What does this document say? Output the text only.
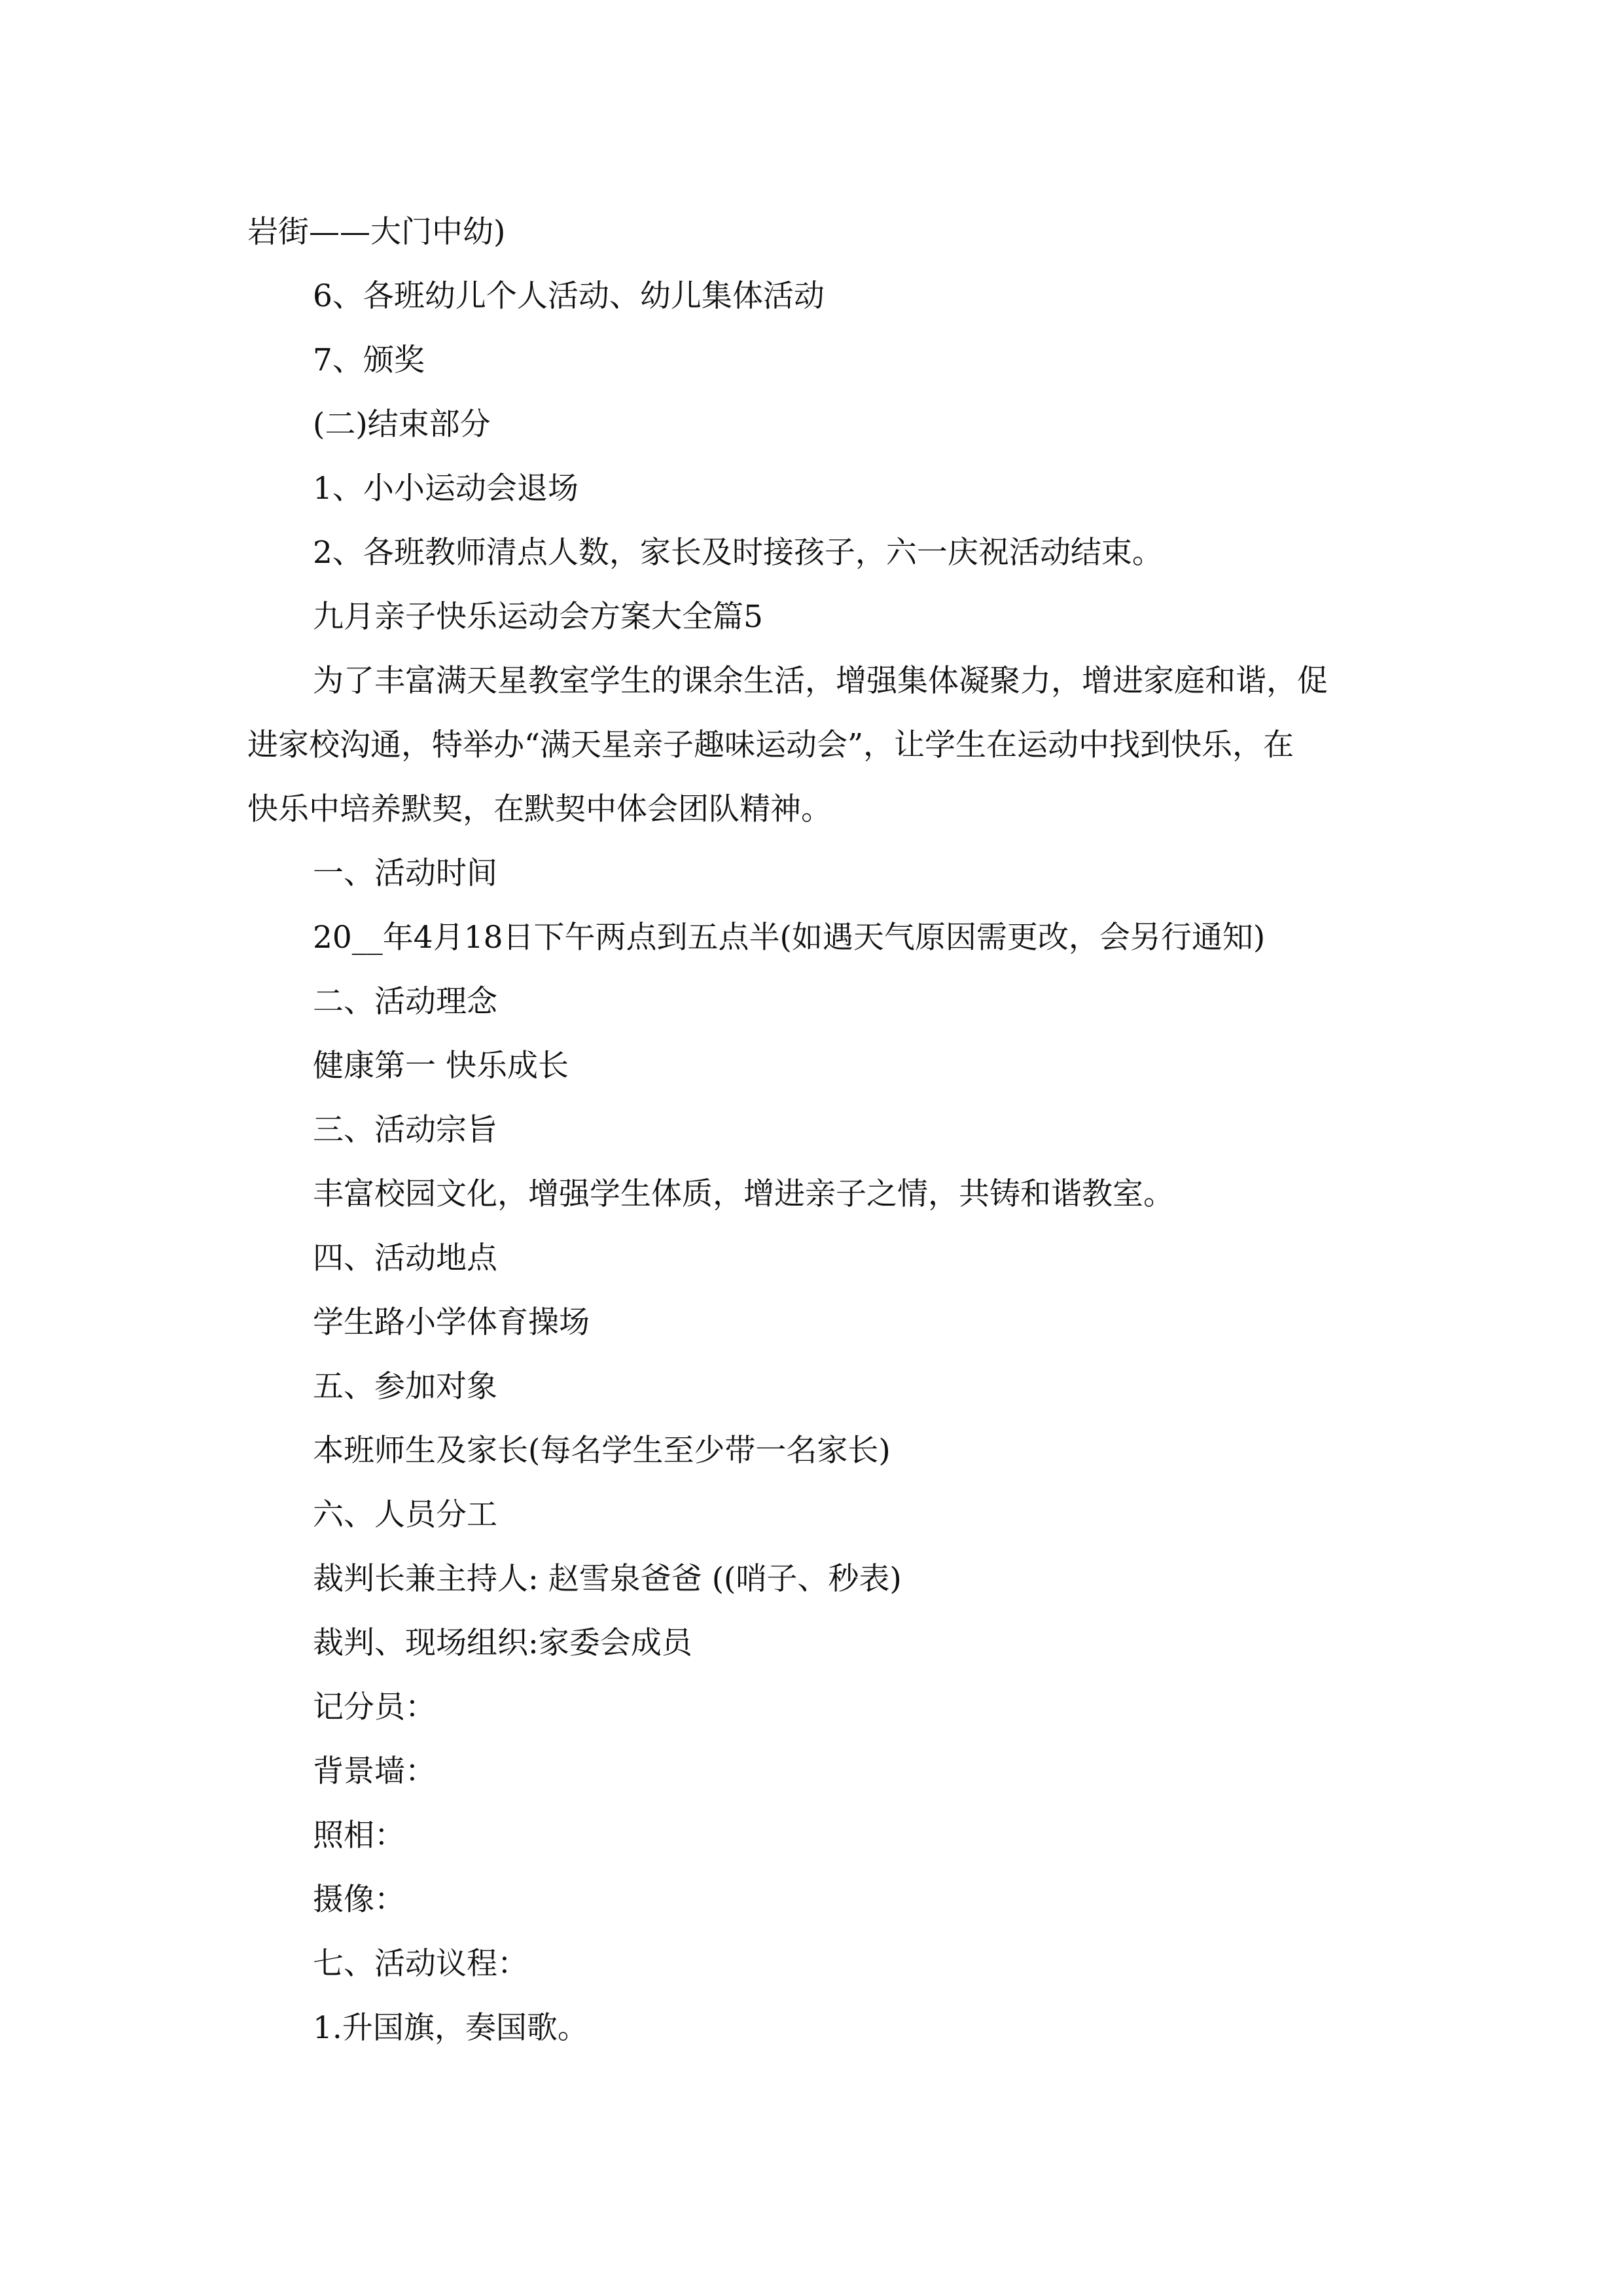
岩街——大门中幼)

6、各班幼儿个人活动、幼儿集体活动

7、颁奖

(二)结束部分

1、小小运动会退场

2、各班教师清点人数，家长及时接孩子，六一庆祝活动结束。

九月亲子快乐运动会方案大全篇5

为了丰富满天星教室学生的课余生活，增强集体凝聚力，增进家庭和谐，促

进家校沟通，特举办“满天星亲子趣味运动会”，让学生在运动中找到快乐，在

快乐中培养默契，在默契中体会团队精神。

一、活动时间

20__年4月18日下午两点到五点半(如遇天气原因需更改，会另行通知)

二、活动理念

健康第一 快乐成长

三、活动宗旨

丰富校园文化，增强学生体质，增进亲子之情，共铸和谐教室。

四、活动地点

学生路小学体育操场

五、参加对象

本班师生及家长(每名学生至少带一名家长)

六、人员分工

裁判长兼主持人: 赵雪泉爸爸 ((哨子、秒表)

裁判、现场组织:家委会成员

记分员：

背景墙：

照相：

摄像：

七、活动议程：

1.升国旗，奏国歌。
